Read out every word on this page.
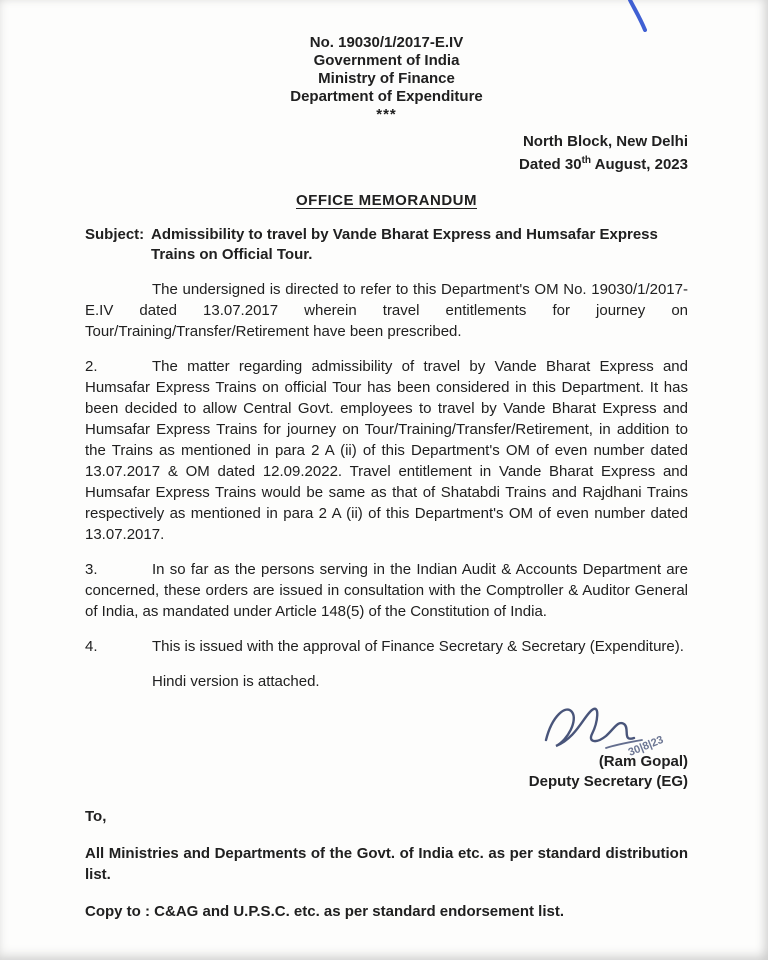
No. 19030/1/2017-E.IV
Government of India
Ministry of Finance
Department of Expenditure
***
North Block, New Delhi
Dated 30th August, 2023
OFFICE MEMORANDUM
Subject: Admissibility to travel by Vande Bharat Express and Humsafar Express Trains on Official Tour.

The undersigned is directed to refer to this Department's OM No. 19030/1/2017-E.IV dated 13.07.2017 wherein travel entitlements for journey on Tour/Training/Transfer/Retirement have been prescribed.

2.	The matter regarding admissibility of travel by Vande Bharat Express and Humsafar Express Trains on official Tour has been considered in this Department. It has been decided to allow Central Govt. employees to travel by Vande Bharat Express and Humsafar Express Trains for journey on Tour/Training/Transfer/Retirement, in addition to the Trains as mentioned in para 2 A (ii) of this Department's OM of even number dated 13.07.2017 & OM dated 12.09.2022. Travel entitlement in Vande Bharat Express and Humsafar Express Trains would be same as that of Shatabdi Trains and Rajdhani Trains respectively as mentioned in para 2 A (ii) of this Department's OM of even number dated 13.07.2017.

3.	In so far as the persons serving in the Indian Audit & Accounts Department are concerned, these orders are issued in consultation with the Comptroller & Auditor General of India, as mandated under Article 148(5) of the Constitution of India.

4.	This is issued with the approval of Finance Secretary & Secretary (Expenditure).

Hindi version is attached.
30|8|23
(Ram Gopal)
Deputy Secretary (EG)
To,

All Ministries and Departments of the Govt. of India etc. as per standard distribution list.

Copy to : C&AG and U.P.S.C. etc. as per standard endorsement list.
